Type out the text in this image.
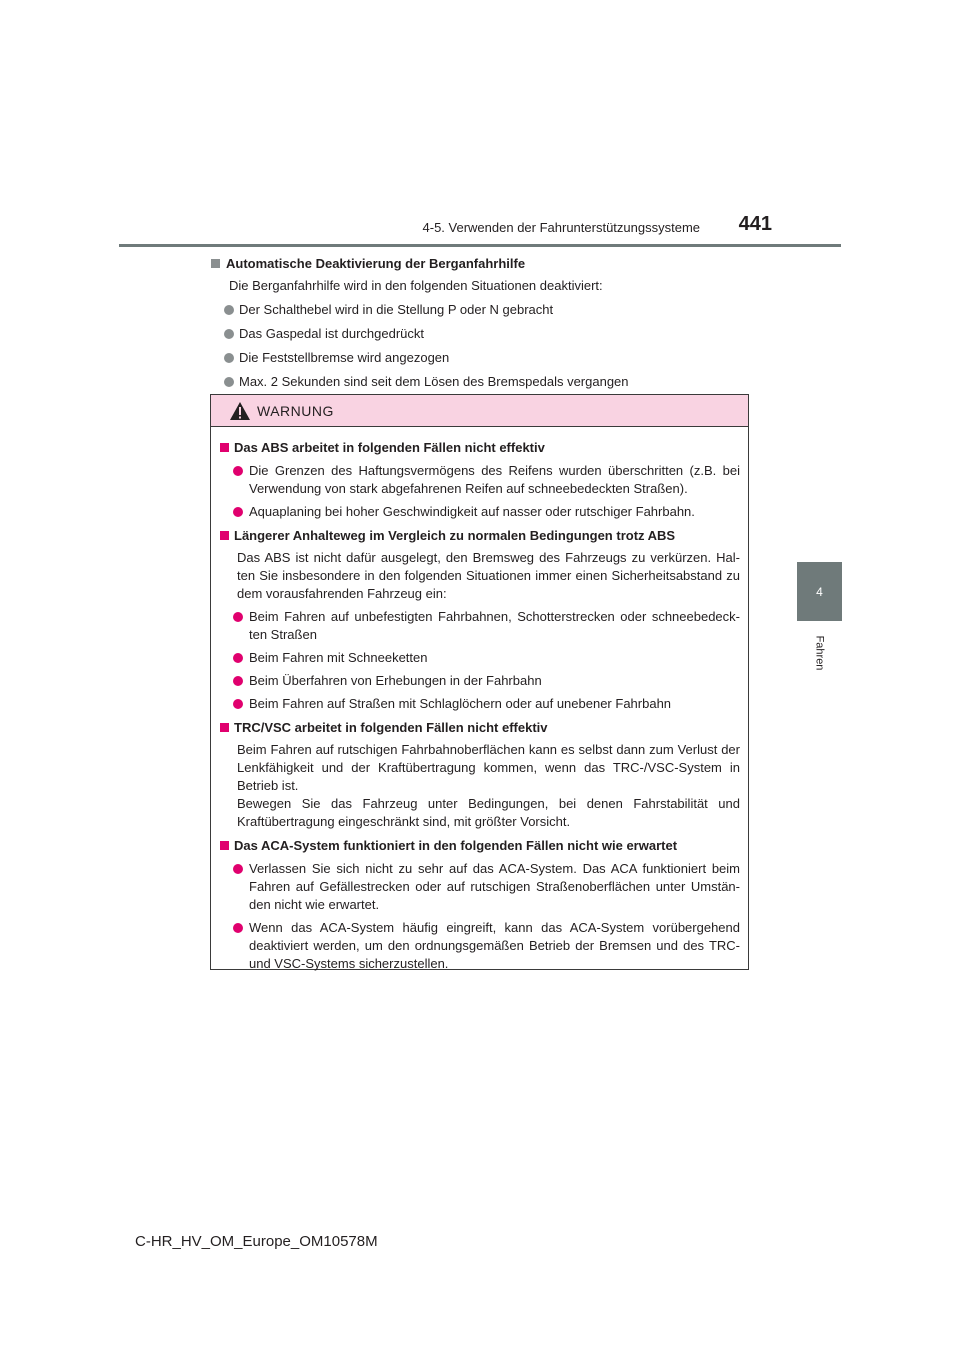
4-5. Verwenden der Fahrunterstützungssysteme	441
4
Fahren
Automatische Deaktivierung der Berganfahrhilfe
Die Berganfahrhilfe wird in den folgenden Situationen deaktiviert:
Der Schalthebel wird in die Stellung P oder N gebracht
Das Gaspedal ist durchgedrückt
Die Feststellbremse wird angezogen
Max. 2 Sekunden sind seit dem Lösen des Bremspedals vergangen
WARNUNG
Das ABS arbeitet in folgenden Fällen nicht effektiv
Die Grenzen des Haftungsvermögens des Reifens wurden überschritten (z.B. bei Verwendung von stark abgefahrenen Reifen auf schneebedeckten Straßen).
Aquaplaning bei hoher Geschwindigkeit auf nasser oder rutschiger Fahrbahn.
Längerer Anhalteweg im Vergleich zu normalen Bedingungen trotz ABS
Das ABS ist nicht dafür ausgelegt, den Bremsweg des Fahrzeugs zu verkürzen. Hal-ten Sie insbesondere in den folgenden Situationen immer einen Sicherheitsabstand zu dem vorausfahrenden Fahrzeug ein:
Beim Fahren auf unbefestigten Fahrbahnen, Schotterstrecken oder schneebedeck-ten Straßen
Beim Fahren mit Schneeketten
Beim Überfahren von Erhebungen in der Fahrbahn
Beim Fahren auf Straßen mit Schlaglöchern oder auf unebener Fahrbahn
TRC/VSC arbeitet in folgenden Fällen nicht effektiv
Beim Fahren auf rutschigen Fahrbahnoberflächen kann es selbst dann zum Verlust der Lenkfähigkeit und der Kraftübertragung kommen, wenn das TRC-/VSC-System in Betrieb ist.
Bewegen Sie das Fahrzeug unter Bedingungen, bei denen Fahrstabilität und Kraftübertragung eingeschränkt sind, mit größter Vorsicht.
Das ACA-System funktioniert in den folgenden Fällen nicht wie erwartet
Verlassen Sie sich nicht zu sehr auf das ACA-System. Das ACA funktioniert beim Fahren auf Gefällestrecken oder auf rutschigen Straßenoberflächen unter Umstän-den nicht wie erwartet.
Wenn das ACA-System häufig eingreift, kann das ACA-System vorübergehend deaktiviert werden, um den ordnungsgemäßen Betrieb der Bremsen und des TRC- und VSC-Systems sicherzustellen.
C-HR_HV_OM_Europe_OM10578M
